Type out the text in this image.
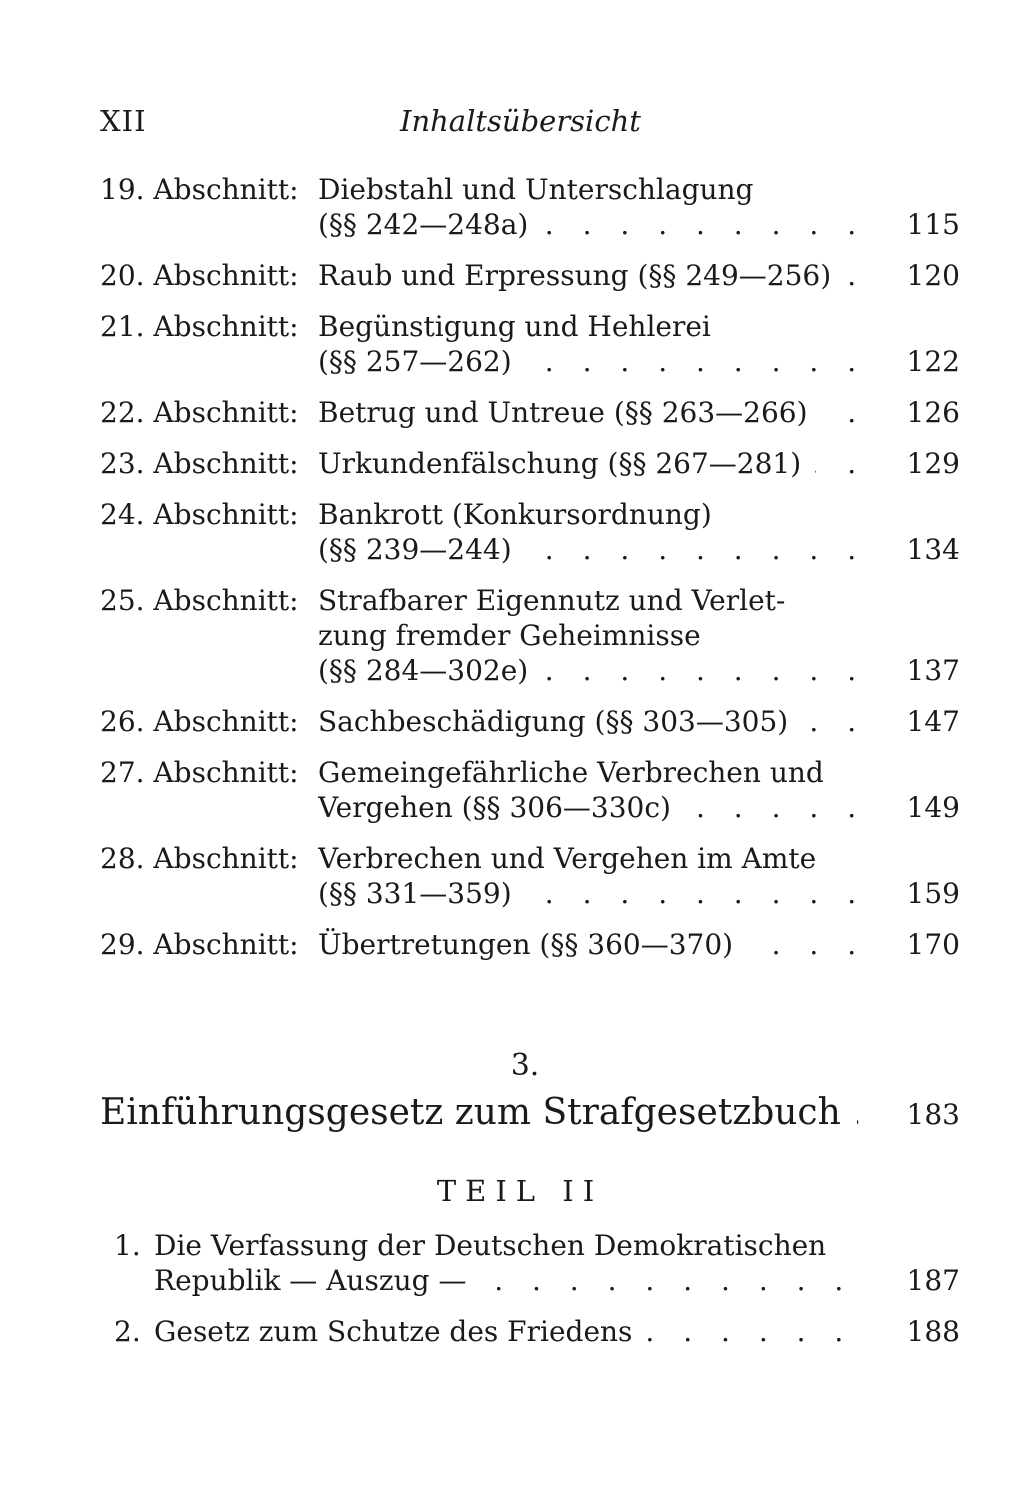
XII	Inhaltsübersicht
19. Abschnitt: Diebstahl und Unterschlagung
(§§ 242—248a) . . .	115
20. Abschnitt: Raub und Erpressung (§§ 249—256) . . .	120
21. Abschnitt: Begünstigung und Hehlerei
(§§ 257—262) . . .	122
22. Abschnitt: Betrug und Untreue (§§ 263—266) . . .	126
23. Abschnitt: Urkundenfälschung (§§ 267—281) . . .	129
24. Abschnitt: Bankrott (Konkursordnung)
(§§ 239—244) . . .	134
25. Abschnitt: Strafbarer Eigennutz und Verlet-
zung fremder Geheimnisse
(§§ 284—302e) . . .	137
26. Abschnitt: Sachbeschädigung (§§ 303—305) . . .	147
27. Abschnitt: Gemeingefährliche Verbrechen und
Vergehen (§§ 306—330c) . . .	149
28. Abschnitt: Verbrechen und Vergehen im Amte
(§§ 331—359) . . .	159
29. Abschnitt: Übertretungen (§§ 360—370) . . .	170
3.
Einführungsgesetz zum Strafgesetzbuch	183
. . .
TEIL II
1. Die Verfassung der Deutschen Demokratischen
Republik — Auszug — . . .	187
2. Gesetz zum Schutze des Friedens . . .	188
